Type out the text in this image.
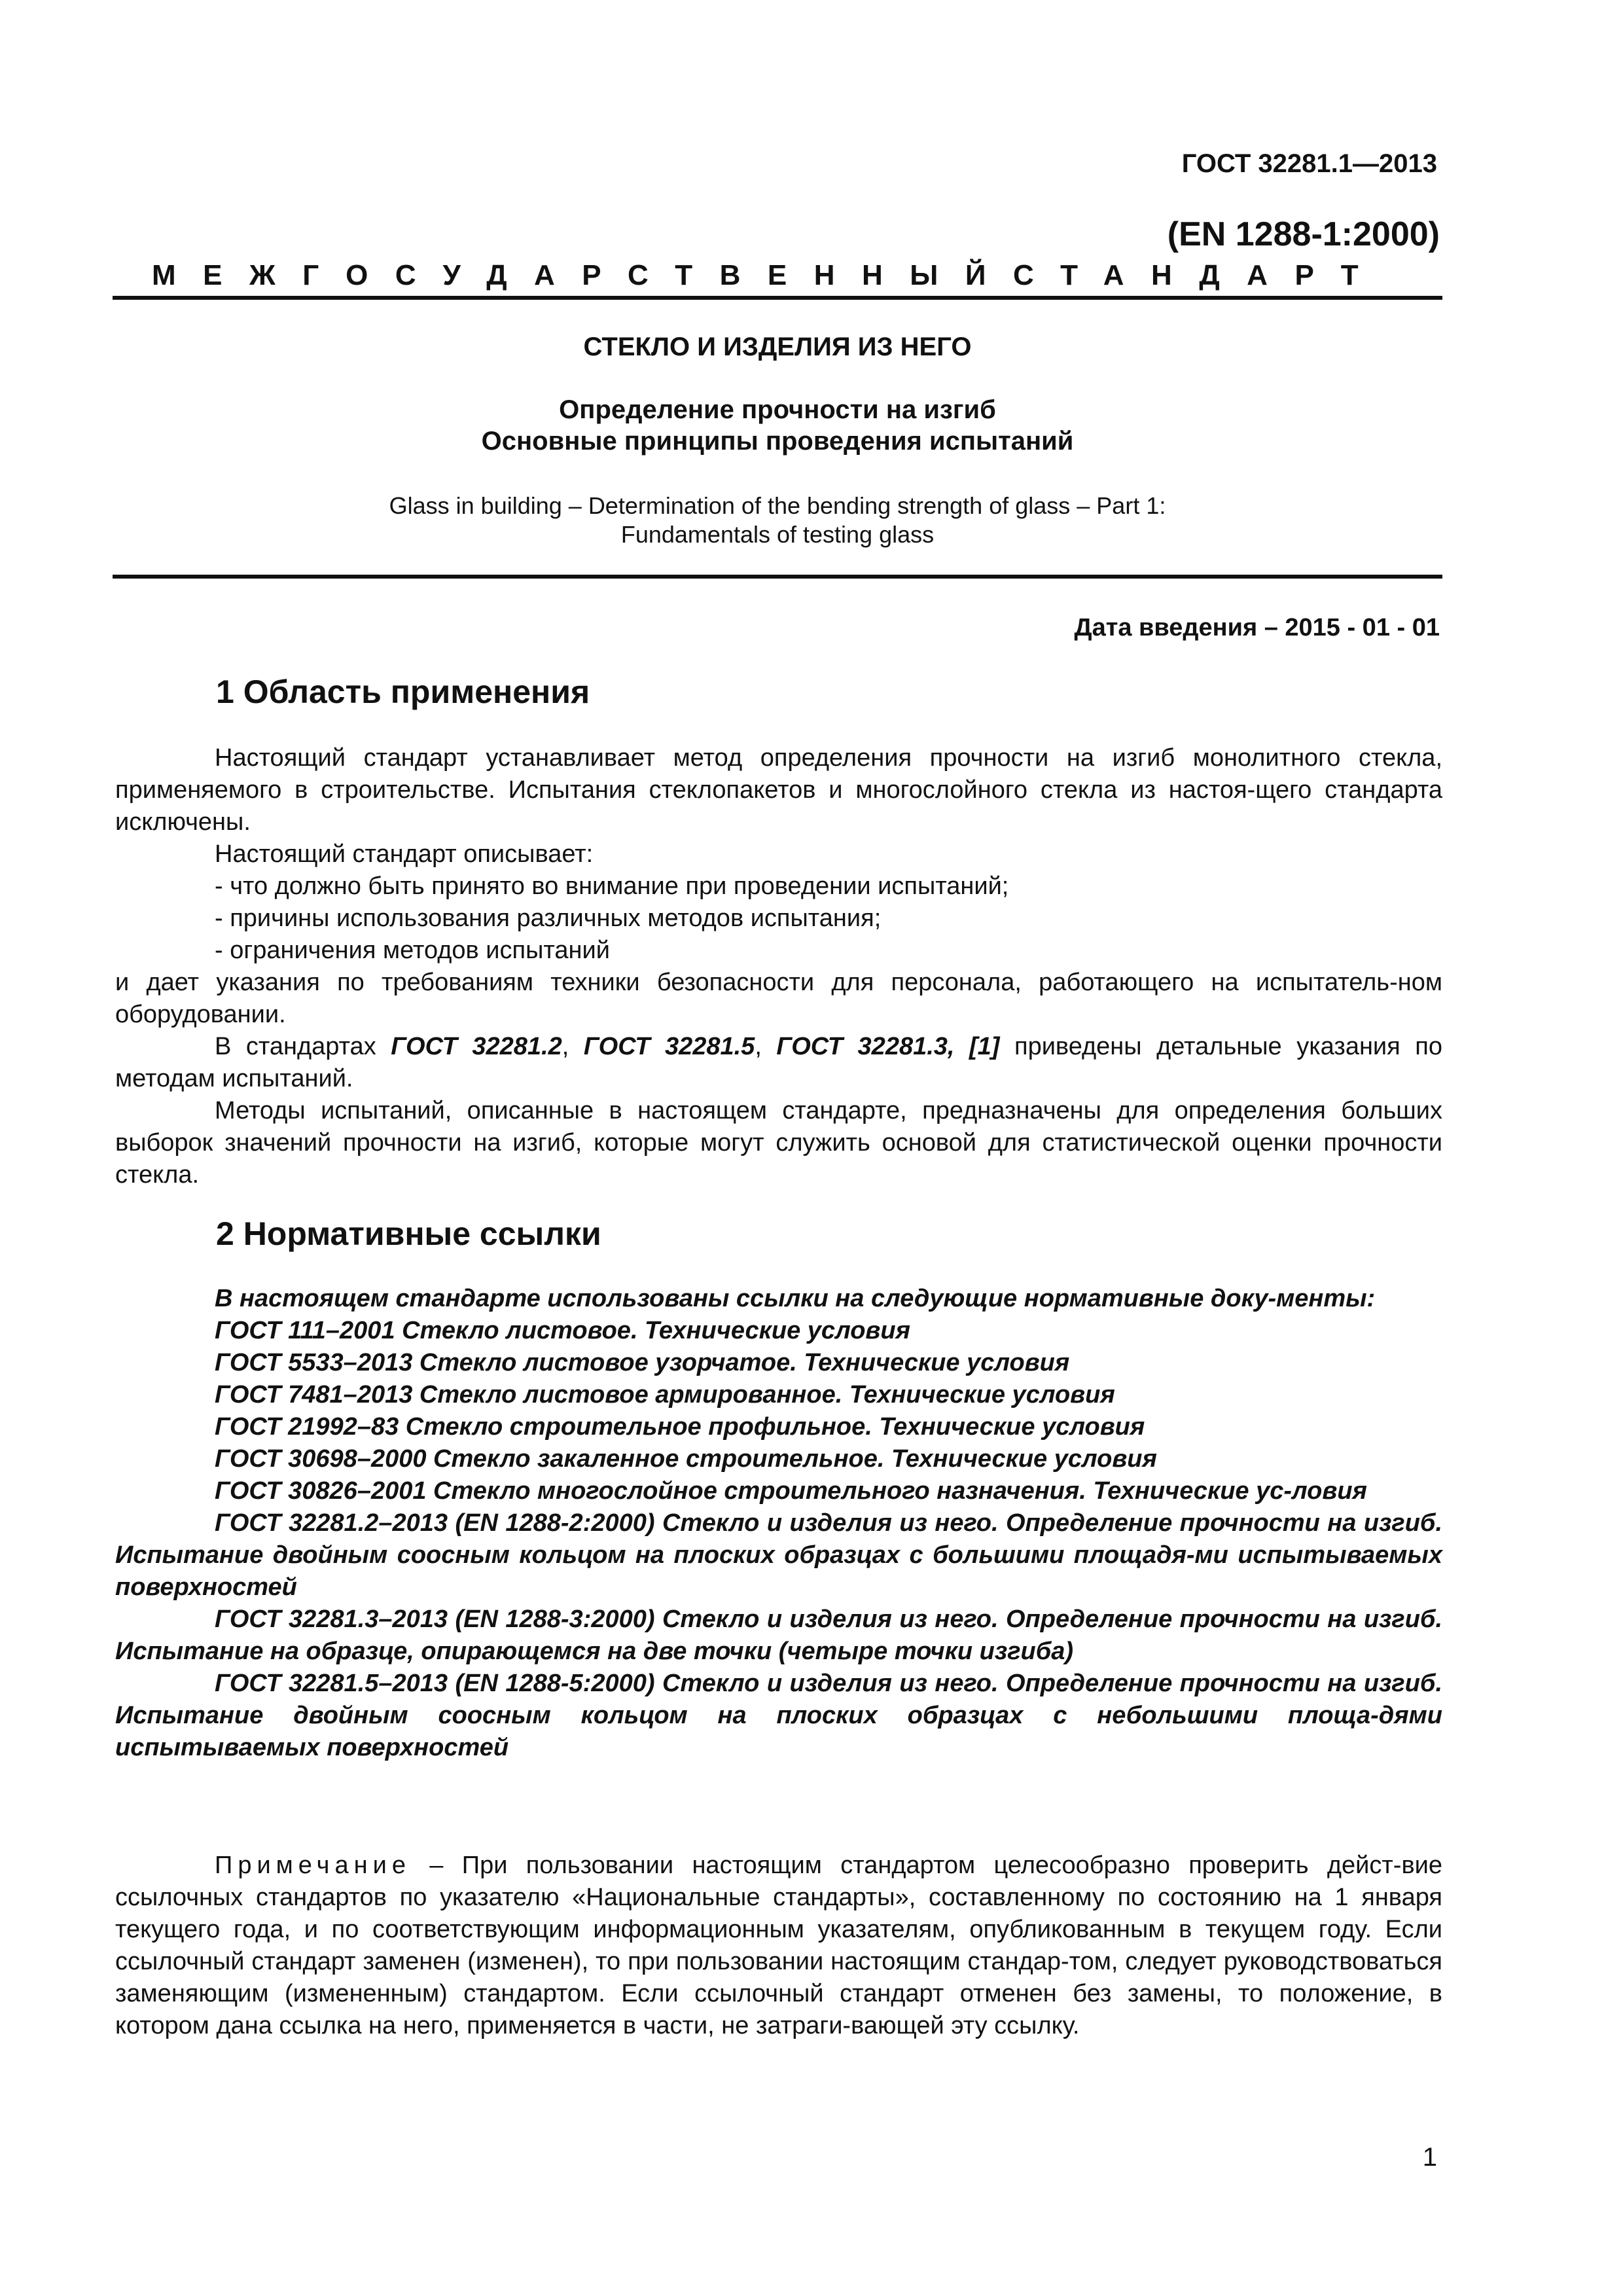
ГОСТ 32281.1—2013
(EN 1288-1:2000)
МЕЖГОСУДАРСТВЕННЫЙ СТАНДАРТ
СТЕКЛО И ИЗДЕЛИЯ ИЗ НЕГО
Определение прочности на изгиб
Основные принципы проведения испытаний
Glass in building – Determination of the bending strength of glass – Part 1:
Fundamentals of testing glass
Дата введения – 2015 - 01 - 01
1 Область применения

Настоящий стандарт устанавливает метод определения прочности на изгиб монолитного стекла, применяемого в строительстве. Испытания стеклопакетов и многослойного стекла из настоя-щего стандарта исключены.

Настоящий стандарт описывает:

- что должно быть принято во внимание при проведении испытаний;

- причины использования различных методов испытания;

- ограничения методов испытаний

и дает указания по требованиям техники безопасности для персонала, работающего на испытатель-ном оборудовании.

В стандартах ГОСТ 32281.2, ГОСТ 32281.5, ГОСТ 32281.3, [1] приведены детальные указания по методам испытаний.

Методы испытаний, описанные в настоящем стандарте, предназначены для определения больших выборок значений прочности на изгиб, которые могут служить основой для статистической оценки прочности стекла.

2 Нормативные ссылки

В настоящем стандарте использованы ссылки на следующие нормативные доку-менты:

ГОСТ 111–2001 Стекло листовое. Технические условия

ГОСТ 5533–2013 Стекло листовое узорчатое. Технические условия

ГОСТ 7481–2013 Стекло листовое армированное. Технические условия

ГОСТ 21992–83 Стекло строительное профильное. Технические условия

ГОСТ 30698–2000 Стекло закаленное строительное. Технические условия

ГОСТ 30826–2001 Стекло многослойное строительного назначения. Технические ус-ловия

ГОСТ 32281.2–2013 (EN 1288-2:2000) Стекло и изделия из него. Определение прочности на изгиб. Испытание двойным соосным кольцом на плоских образцах с большими площадя-ми испытываемых поверхностей

ГОСТ 32281.3–2013 (EN 1288-3:2000) Стекло и изделия из него. Определение прочности на изгиб. Испытание на образце, опирающемся на две точки (четыре точки изгиба)

ГОСТ 32281.5–2013 (EN 1288-5:2000) Стекло и изделия из него. Определение прочности на изгиб. Испытание двойным соосным кольцом на плоских образцах с небольшими площа-дями испытываемых поверхностей

Примечание – При пользовании настоящим стандартом целесообразно проверить дейст-вие ссылочных стандартов по указателю «Национальные стандарты», составленному по состоянию на 1 января текущего года, и по соответствующим информационным указателям, опубликованным в текущем году. Если ссылочный стандарт заменен (изменен), то при пользовании настоящим стандар-том, следует руководствоваться заменяющим (измененным) стандартом. Если ссылочный стандарт отменен без замены, то положение, в котором дана ссылка на него, применяется в части, не затраги-вающей эту ссылку.

1
